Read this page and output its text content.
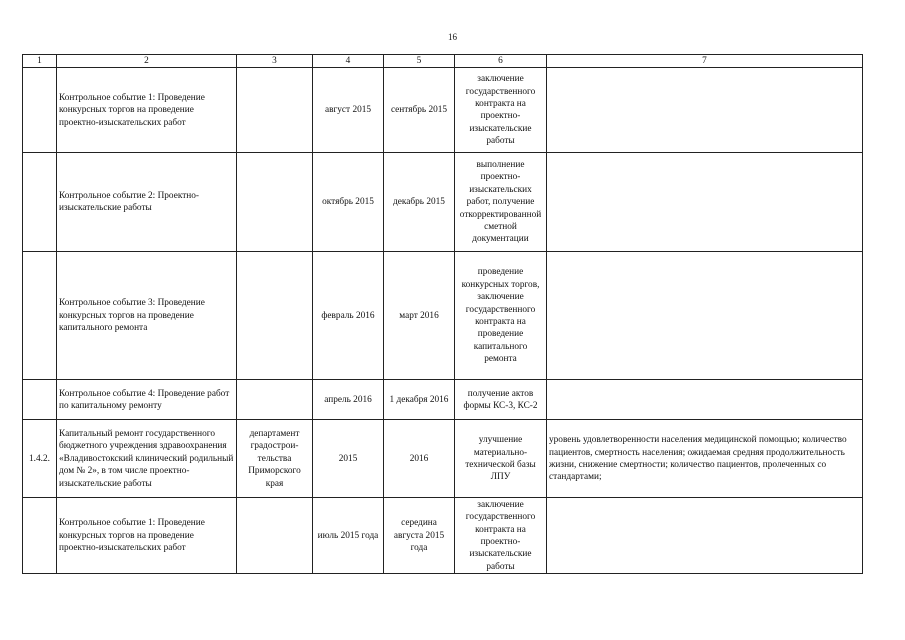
16
1	2	3	4	5	6	7
	Контрольное событие 1: Проведение конкурсных торгов на проведение проектно-изыскательских работ		август 2015	сентябрь 2015	заключение государственного контракта на проектно-изыскательские работы	
	Контрольное событие 2: Проектно-изыскательские работы		октябрь 2015	декабрь 2015	выполнение проектно-изыскательских работ, получение откорректированной сметной документации	
	Контрольное событие 3: Проведение конкурсных торгов на проведение капитального ремонта		февраль 2016	март 2016	проведение конкурсных торгов, заключение государственного контракта на проведение капитального ремонта	
	Контрольное событие 4: Проведение работ по капитальному ремонту		апрель 2016	1 декабря 2016	получение актов формы КС-3, КС-2	
1.4.2.	Капитальный ремонт государственного бюджетного учреждения здравоохранения «Владивостокский клинический родильный дом № 2», в том числе проектно-изыскательские работы	департамент градострои-тельства Приморского края	2015	2016	улучшение материально-технической базы ЛПУ	уровень удовлетворенности населения медицинской помощью; количество пациентов, смертность населения; ожидаемая средняя продолжительность жизни, снижение смертности; количество пациентов, пролеченных со стандартами;
	Контрольное событие 1: Проведение конкурсных торгов на проведение проектно-изыскательских работ		июль 2015 года	середина августа 2015 года	заключение государственного контракта на проектно-изыскательские работы	
